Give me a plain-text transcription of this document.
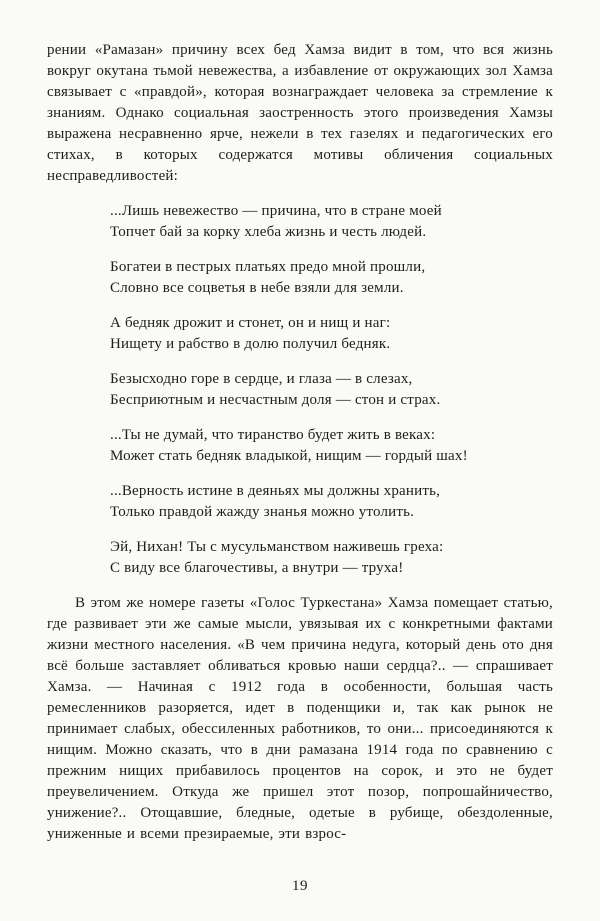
рении «Рамазан» причину всех бед Хамза видит в том, что вся жизнь вокруг окутана тьмой невежества, а избавление от окружающих зол Хамза связывает с «правдой», которая вознаграждает человека за стремление к знаниям. Однако социальная заостренность этого произведения Хамзы выражена несравненно ярче, нежели в тех газелях и педагогических его стихах, в которых содержатся мотивы обличения социальных несправедливостей:

...Лишь невежество — причина, что в стране моей
Топчет бай за корку хлеба жизнь и честь людей.
Богатеи в пестрых платьях предо мной прошли,
Словно все соцветья в небе взяли для земли.
А бедняк дрожит и стонет, он и нищ и наг:
Нищету и рабство в долю получил бедняк.
Безысходно горе в сердце, и глаза — в слезах,
Бесприютным и несчастным доля — стон и страх.
...Ты не думай, что тиранство будет жить в веках:
Может стать бедняк владыкой, нищим — гордый шах!
...Верность истине в деяньях мы должны хранить,
Только правдой жажду знанья можно утолить.
Эй, Нихан! Ты с мусульманством наживешь греха:
С виду все благочестивы, а внутри — труха!

В этом же номере газеты «Голос Туркестана» Хамза помещает статью, где развивает эти же самые мысли, увязывая их с конкретными фактами жизни местного населения. «В чем причина недуга, который день ото дня всё больше заставляет обливаться кровью наши сердца?.. — спрашивает Хамза. — Начиная с 1912 года в особенности, большая часть ремесленников разоряется, идет в поденщики и, так как рынок не принимает слабых, обессиленных работников, то они... присоединяются к нищим. Можно сказать, что в дни рамазана 1914 года по сравнению с прежним нищих прибавилось процентов на сорок, и это не будет преувеличением. Откуда же пришел этот позор, попрошайничество, унижение?.. Отощавшие, бледные, одетые в рубище, обездоленные, униженные и всеми презираемые, эти взрос-

19
